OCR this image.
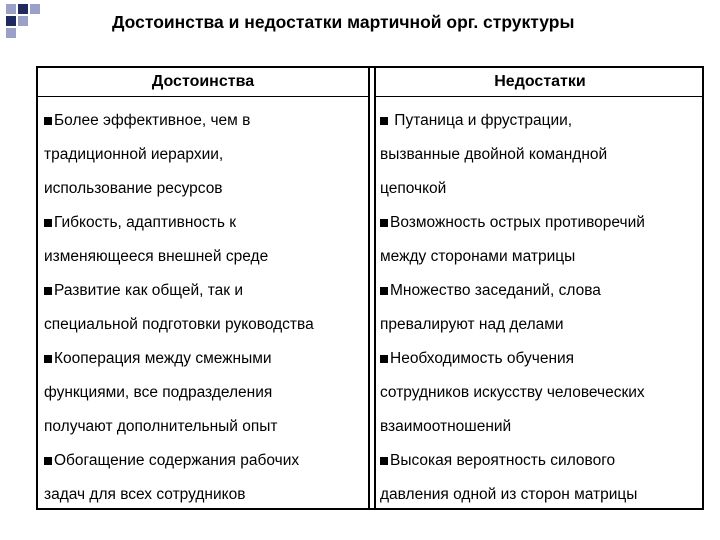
Достоинства и недостатки мартичной орг. структуры
Достоинства	Недостатки
Более эффективное, чем в
традиционной иерархии,
использование ресурсов
Гибкость, адаптивность к
изменяющееся внешней среде
Развитие как общей, так и
специальной подготовки руководства
Кооперация между смежными
функциями, все подразделения
получают дополнительный опыт
Обогащение содержания рабочих
задач для всех сотрудников
Путаница и фрустрации,
вызванные двойной командной
цепочкой
Возможность острых противоречий
между сторонами матрицы
Множество заседаний, слова
превалируют над делами
Необходимость обучения
сотрудников искусству человеческих
взаимоотношений
Высокая вероятность силового
давления одной из сторон матрицы
